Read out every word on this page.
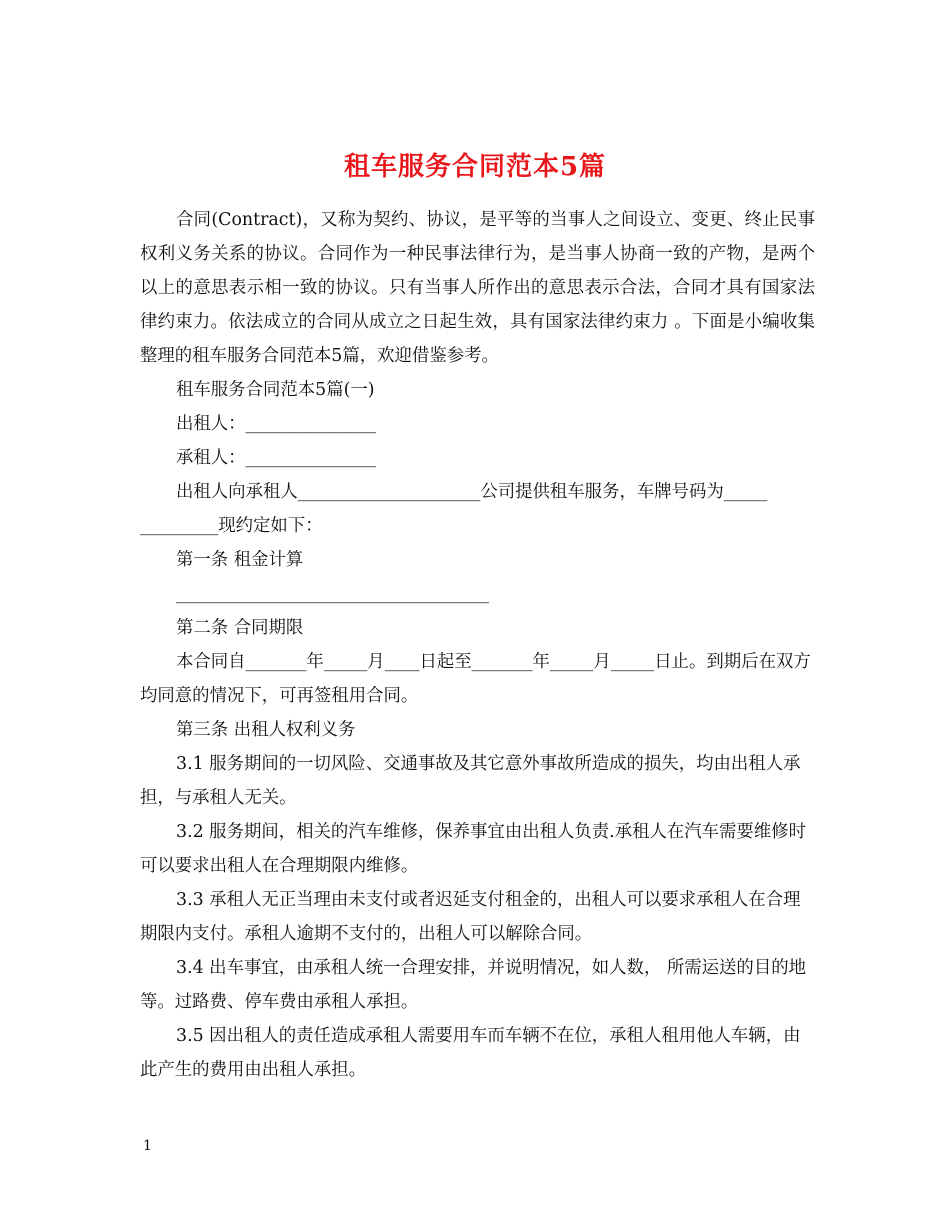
租车服务合同范本5篇

合同(Contract)，又称为契约、协议，是平等的当事人之间设立、变更、终止民事权利义务关系的协议。合同作为一种民事法律行为，是当事人协商一致的产物，是两个以上的意思表示相一致的协议。只有当事人所作出的意思表示合法，合同才具有国家法律约束力。依法成立的合同从成立之日起生效，具有国家法律约束力 。下面是小编收集整理的租车服务合同范本5篇，欢迎借鉴参考。

租车服务合同范本5篇(一)

出租人：_______________

承租人：_______________

出租人向承租人_____________________公司提供租车服务，车牌号码为_____

_________现约定如下：

第一条 租金计算

____________________________________

第二条 合同期限

本合同自_______年_____月____日起至_______年_____月_____日止。到期后在双方均同意的情况下，可再签租用合同。

第三条 出租人权利义务

3.1 服务期间的一切风险、交通事故及其它意外事故所造成的损失，均由出租人承担，与承租人无关。

3.2 服务期间，相关的汽车维修，保养事宜由出租人负责.承租人在汽车需要维修时可以要求出租人在合理期限内维修。

3.3 承租人无正当理由未支付或者迟延支付租金的，出租人可以要求承租人在合理期限内支付。承租人逾期不支付的，出租人可以解除合同。

3.4 出车事宜，由承租人统一合理安排，并说明情况，如人数， 所需运送的目的地等。过路费、停车费由承租人承担。

3.5 因出租人的责任造成承租人需要用车而车辆不在位，承租人租用他人车辆，由此产生的费用由出租人承担。

1
